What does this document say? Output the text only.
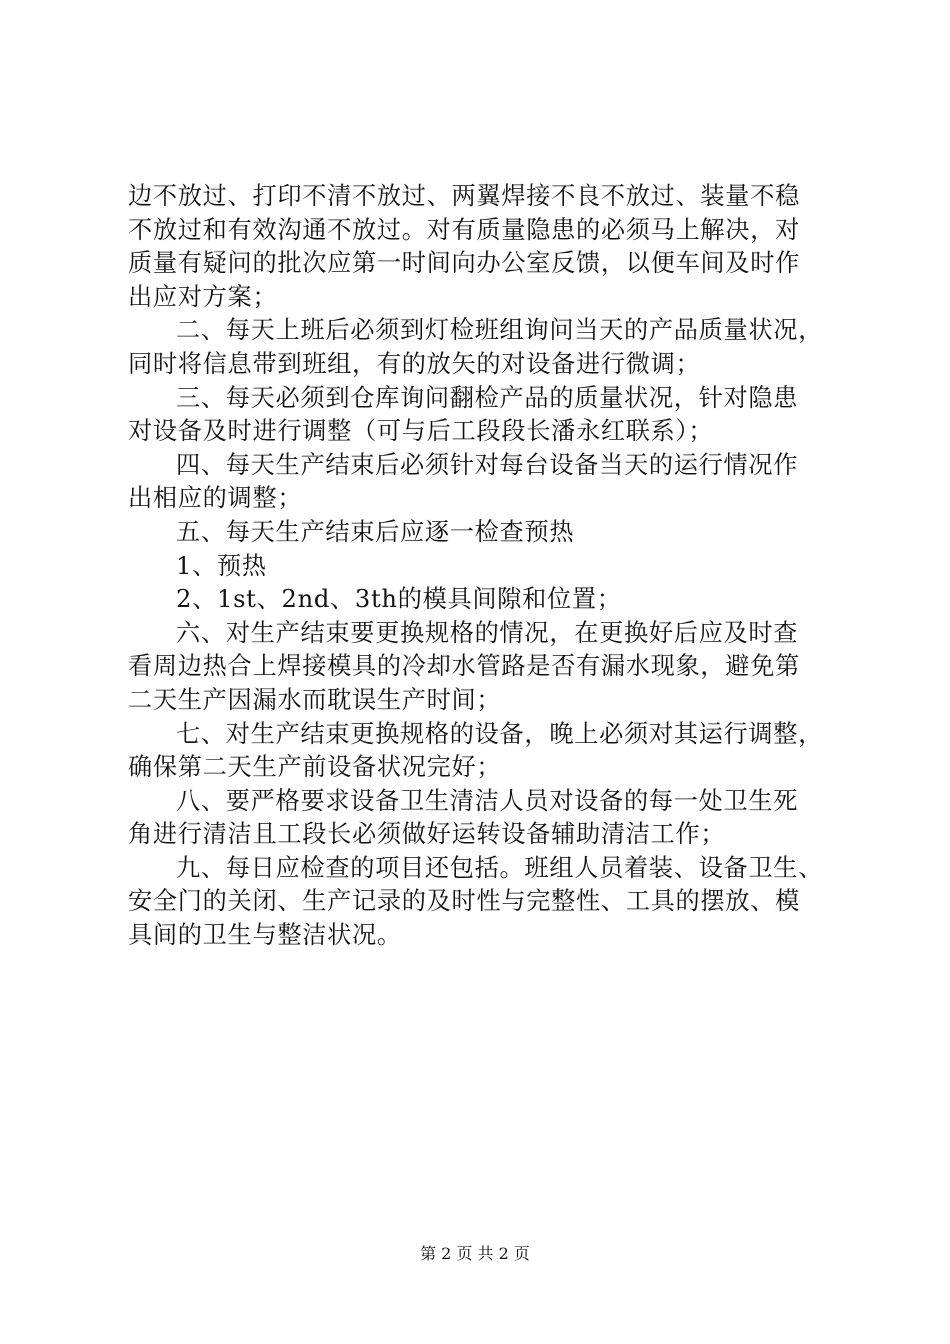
边不放过、打印不清不放过、两翼焊接不良不放过、装量不稳
不放过和有效沟通不放过。对有质量隐患的必须马上解决，对
质量有疑问的批次应第一时间向办公室反馈，以便车间及时作
出应对方案；
二、每天上班后必须到灯检班组询问当天的产品质量状况，
同时将信息带到班组，有的放矢的对设备进行微调；
三、每天必须到仓库询问翻检产品的质量状况，针对隐患
对设备及时进行调整（可与后工段段长潘永红联系）；
四、每天生产结束后必须针对每台设备当天的运行情况作
出相应的调整；
五、每天生产结束后应逐一检查预热
1、预热
2、1st、2nd、3th的模具间隙和位置；
六、对生产结束要更换规格的情况，在更换好后应及时查
看周边热合上焊接模具的冷却水管路是否有漏水现象，避免第
二天生产因漏水而耽误生产时间；
七、对生产结束更换规格的设备，晚上必须对其运行调整，
确保第二天生产前设备状况完好；
八、要严格要求设备卫生清洁人员对设备的每一处卫生死
角进行清洁且工段长必须做好运转设备辅助清洁工作；
九、每日应检查的项目还包括。班组人员着装、设备卫生、
安全门的关闭、生产记录的及时性与完整性、工具的摆放、模
具间的卫生与整洁状况。
第 2 页 共 2 页
